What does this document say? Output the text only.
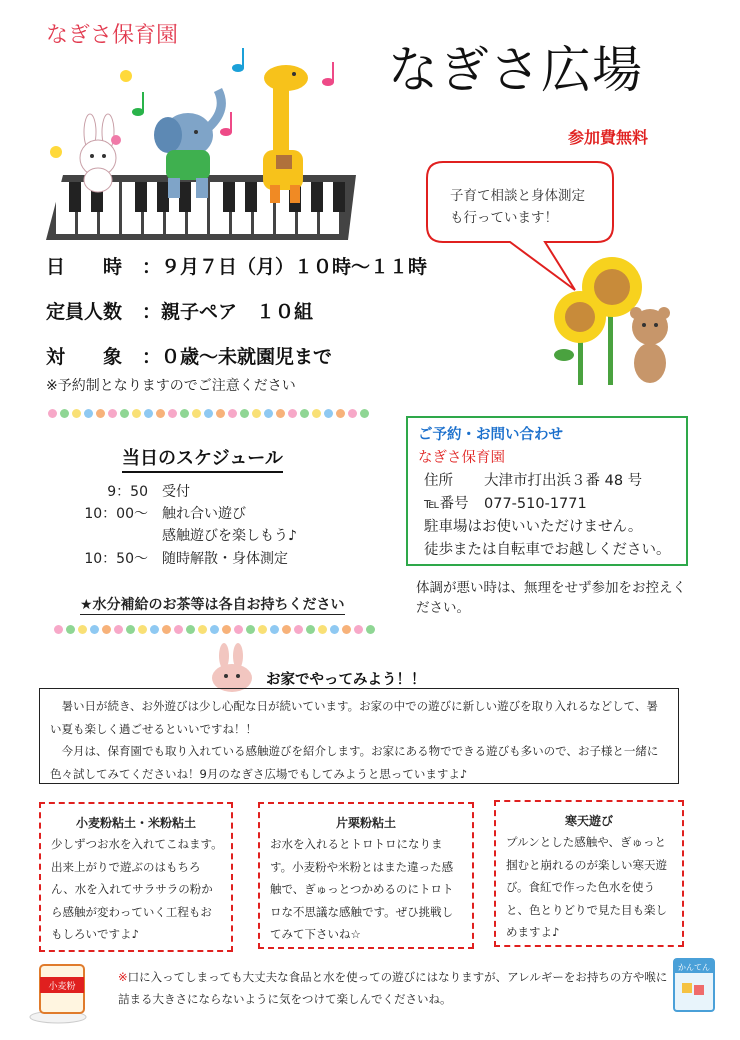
なぎさ保育園
なぎさ広場
参加費無料
子育て相談と身体測定
も行っています！
日　　時 ：９月７日（月）１０時～１１時
定員人数 ：親子ペア　１０組
対　　象 ：０歳～未就園児まで
※予約制となりますのでご注意ください
当日のスケジュール
9：50 受付
10：00～ 触れ合い遊び
感触遊びを楽しもう♪
10：50～ 随時解散・身体測定
★水分補給のお茶等は各自お持ちください
ご予約・お問い合わせ
なぎさ保育園
住所 大津市打出浜３番 48 号
℡番号 077-510-1771
駐車場はお使いいただけません。
徒歩または自転車でお越しください。
体調が悪い時は、無理をせず参加をお控えください。
お家でやってみよう！！

暑い日が続き、お外遊びは少し心配な日が続いています。お家の中での遊びに新しい遊びを取り入れるなどして、暑い夏も楽しく過ごせるといいですね！！

今月は、保育園でも取り入れている感触遊びを紹介します。お家にある物でできる遊びも多いので、お子様と一緒に色々試してみてくださいね！9月のなぎさ広場でもしてみようと思っていますよ♪

小麦粉粘土・米粉粘土
少しずつお水を入れてこねます。出来上がりで遊ぶのはもちろん、水を入れてサラサラの粉から感触が変わっていく工程もおもしろいですよ♪
片栗粉粘土
お水を入れるとトロトロになります。小麦粉や米粉とはまた違った感触で、ぎゅっとつかめるのにトロトロな不思議な感触です。ぜひ挑戦してみて下さいね☆
寒天遊び
プルンとした感触や、ぎゅっと掴むと崩れるのが楽しい寒天遊び。食紅で作った色水を使うと、色とりどりで見た目も楽しめますよ♪
小麦粉
かんてん
※口に入ってしまっても大丈夫な食品と水を使っての遊びにはなりますが、アレルギーをお持ちの方や喉に詰まる大きさにならないように気をつけて楽しんでくださいね。
